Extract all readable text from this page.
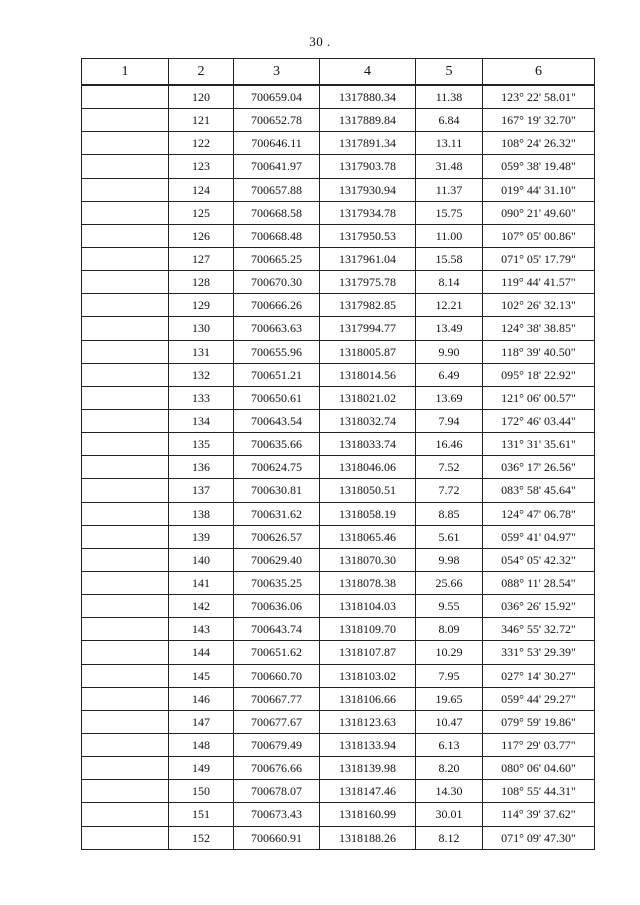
30 .
1	2	3	4	5	6
	120	700659.04	1317880.34	11.38	123° 22' 58.01"
	121	700652.78	1317889.84	6.84	167° 19' 32.70"
	122	700646.11	1317891.34	13.11	108° 24' 26.32"
	123	700641.97	1317903.78	31.48	059° 38' 19.48"
	124	700657.88	1317930.94	11.37	019° 44' 31.10"
	125	700668.58	1317934.78	15.75	090° 21' 49.60"
	126	700668.48	1317950.53	11.00	107° 05' 00.86"
	127	700665.25	1317961.04	15.58	071° 05' 17.79"
	128	700670.30	1317975.78	8.14	119° 44' 41.57"
	129	700666.26	1317982.85	12.21	102° 26' 32.13"
	130	700663.63	1317994.77	13.49	124° 38' 38.85"
	131	700655.96	1318005.87	9.90	118° 39' 40.50"
	132	700651.21	1318014.56	6.49	095° 18' 22.92"
	133	700650.61	1318021.02	13.69	121° 06' 00.57"
	134	700643.54	1318032.74	7.94	172° 46' 03.44"
	135	700635.66	1318033.74	16.46	131° 31' 35.61"
	136	700624.75	1318046.06	7.52	036° 17' 26.56"
	137	700630.81	1318050.51	7.72	083° 58' 45.64"
	138	700631.62	1318058.19	8.85	124° 47' 06.78"
	139	700626.57	1318065.46	5.61	059° 41' 04.97"
	140	700629.40	1318070.30	9.98	054° 05' 42.32"
	141	700635.25	1318078.38	25.66	088° 11' 28.54"
	142	700636.06	1318104.03	9.55	036° 26' 15.92"
	143	700643.74	1318109.70	8.09	346° 55' 32.72"
	144	700651.62	1318107.87	10.29	331° 53' 29.39"
	145	700660.70	1318103.02	7.95	027° 14' 30.27"
	146	700667.77	1318106.66	19.65	059° 44' 29.27"
	147	700677.67	1318123.63	10.47	079° 59' 19.86"
	148	700679.49	1318133.94	6.13	117° 29' 03.77"
	149	700676.66	1318139.98	8.20	080° 06' 04.60"
	150	700678.07	1318147.46	14.30	108° 55' 44.31"
	151	700673.43	1318160.99	30.01	114° 39' 37.62"
	152	700660.91	1318188.26	8.12	071° 09' 47.30"
